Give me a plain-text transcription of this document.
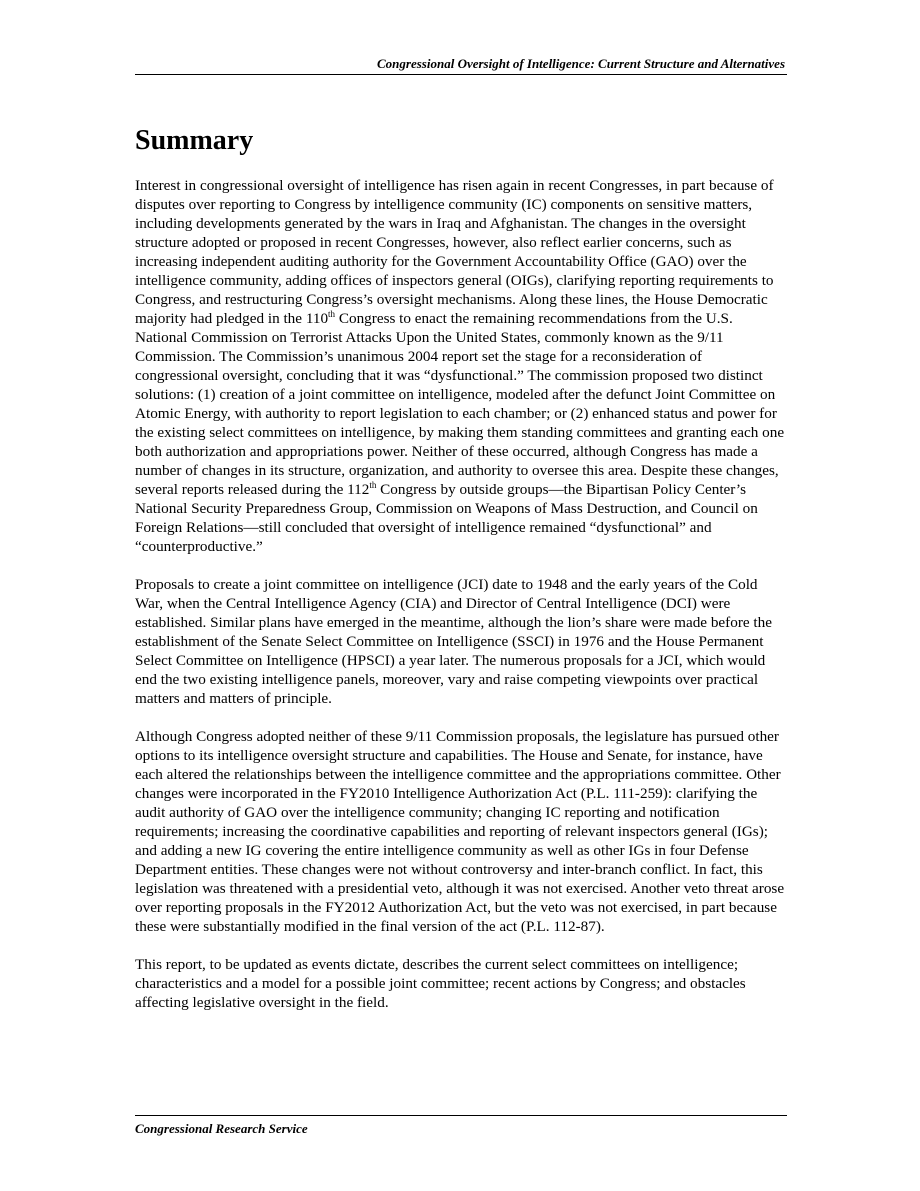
Congressional Oversight of Intelligence: Current Structure and Alternatives
Summary

Interest in congressional oversight of intelligence has risen again in recent Congresses, in part because of disputes over reporting to Congress by intelligence community (IC) components on sensitive matters, including developments generated by the wars in Iraq and Afghanistan. The changes in the oversight structure adopted or proposed in recent Congresses, however, also reflect earlier concerns, such as increasing independent auditing authority for the Government Accountability Office (GAO) over the intelligence community, adding offices of inspectors general (OIGs), clarifying reporting requirements to Congress, and restructuring Congress’s oversight mechanisms. Along these lines, the House Democratic majority had pledged in the 110th Congress to enact the remaining recommendations from the U.S. National Commission on Terrorist Attacks Upon the United States, commonly known as the 9/11 Commission. The Commission’s unanimous 2004 report set the stage for a reconsideration of congressional oversight, concluding that it was “dysfunctional.” The commission proposed two distinct solutions: (1) creation of a joint committee on intelligence, modeled after the defunct Joint Committee on Atomic Energy, with authority to report legislation to each chamber; or (2) enhanced status and power for the existing select committees on intelligence, by making them standing committees and granting each one both authorization and appropriations power. Neither of these occurred, although Congress has made a number of changes in its structure, organization, and authority to oversee this area. Despite these changes, several reports released during the 112th Congress by outside groups—the Bipartisan Policy Center’s National Security Preparedness Group, Commission on Weapons of Mass Destruction, and Council on Foreign Relations—still concluded that oversight of intelligence remained “dysfunctional” and “counterproductive.”

Proposals to create a joint committee on intelligence (JCI) date to 1948 and the early years of the Cold War, when the Central Intelligence Agency (CIA) and Director of Central Intelligence (DCI) were established. Similar plans have emerged in the meantime, although the lion’s share were made before the establishment of the Senate Select Committee on Intelligence (SSCI) in 1976 and the House Permanent Select Committee on Intelligence (HPSCI) a year later. The numerous proposals for a JCI, which would end the two existing intelligence panels, moreover, vary and raise competing viewpoints over practical matters and matters of principle.

Although Congress adopted neither of these 9/11 Commission proposals, the legislature has pursued other options to its intelligence oversight structure and capabilities. The House and Senate, for instance, have each altered the relationships between the intelligence committee and the appropriations committee. Other changes were incorporated in the FY2010 Intelligence Authorization Act (P.L. 111-259): clarifying the audit authority of GAO over the intelligence community; changing IC reporting and notification requirements; increasing the coordinative capabilities and reporting of relevant inspectors general (IGs); and adding a new IG covering the entire intelligence community as well as other IGs in four Defense Department entities. These changes were not without controversy and inter-branch conflict. In fact, this legislation was threatened with a presidential veto, although it was not exercised. Another veto threat arose over reporting proposals in the FY2012 Authorization Act, but the veto was not exercised, in part because these were substantially modified in the final version of the act (P.L. 112-87).

This report, to be updated as events dictate, describes the current select committees on intelligence; characteristics and a model for a possible joint committee; recent actions by Congress; and obstacles affecting legislative oversight in the field.

Congressional Research Service
